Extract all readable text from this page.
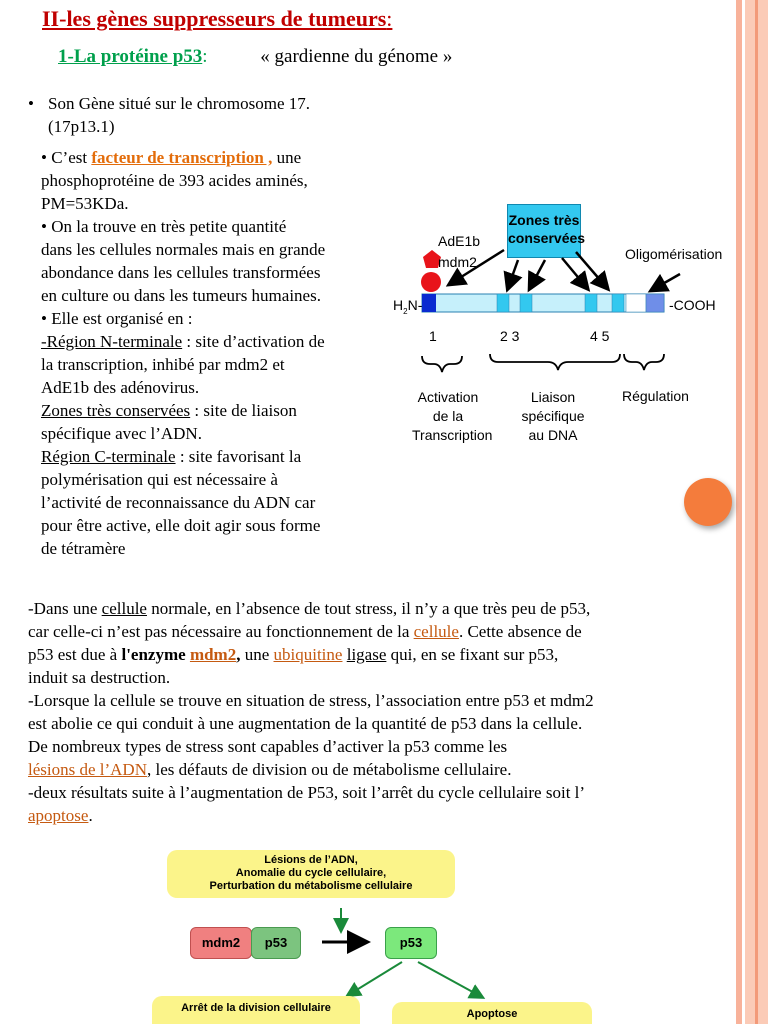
II-les gènes suppresseurs de tumeurs:
1-La protéine p53:	« gardienne du génome »
• Son Gène situé sur le chromosome 17.
(17p13.1)
• C’est facteur de transcription , une
phosphoprotéine de 393 acides aminés,
PM=53KDa.
• On la trouve en très petite quantité
dans les cellules normales mais en grande
abondance dans les cellules transformées
en culture ou dans les tumeurs humaines.
• Elle est organisé en :
-Région N-terminale : site d’activation de
la transcription, inhibé par mdm2 et
AdE1b des adénovirus.
Zones très conservées : site de liaison
spécifique avec l’ADN.
Région C-terminale : site favorisant la
polymérisation qui est nécessaire à
l’activité de reconnaissance du ADN car
pour être active, elle doit agir sous forme
de tétramère
Zones très
conservées
AdE1b
mdm2	Oligomérisation
$H_2N-$	-COOH
1	2 3	4 5
Activation
de la
Transcription
Liaison spécifique
au DNA
Régulation
-Dans une cellule normale, en l’absence de tout stress, il n’y a que très peu de p53,
car celle-ci n’est pas nécessaire au fonctionnement de la cellule. Cette absence de
p53 est due à l'enzyme mdm2, une ubiquitine ligase qui, en se fixant sur p53,
induit sa destruction.
-Lorsque la cellule se trouve en situation de stress, l’association entre p53 et mdm2
est abolie ce qui conduit à une augmentation de la quantité de p53 dans la cellule.
De nombreux types de stress sont capables d’activer la p53 comme les
lésions de l’ADN, les défauts de division ou de métabolisme cellulaire.
-deux résultats suite à l’augmentation de P53, soit l’arrêt du cycle cellulaire soit l’
apoptose.
Lésions de l’ADN,
Anomalie du cycle cellulaire,
Perturbation du métabolisme cellulaire
mdm2	p53	p53
Arrêt de la division cellulaire	Apoptose
